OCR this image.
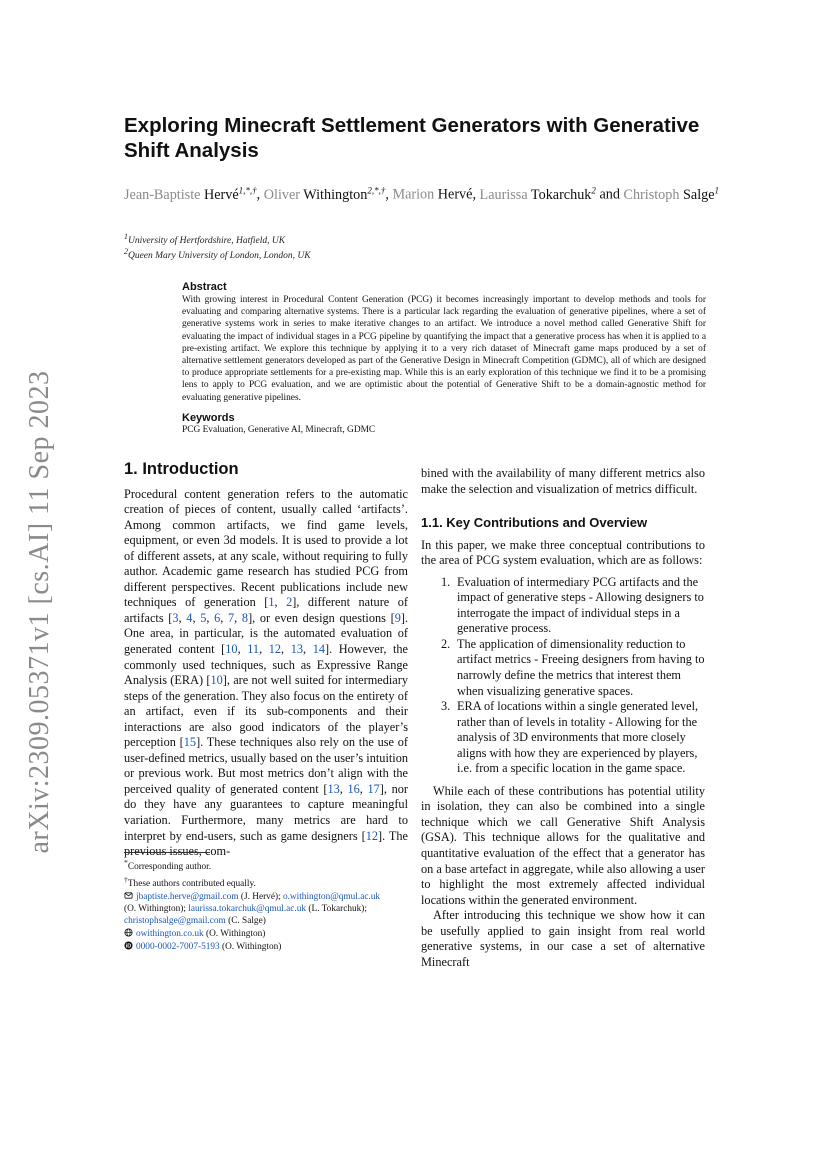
arXiv:2309.05371v1 [cs.AI] 11 Sep 2023
Exploring Minecraft Settlement Generators with Generative Shift Analysis
Jean-Baptiste Hervé$^{1,*,\dagger}$, Oliver Withington$^{2,*,\dagger}$, Marion Hervé, Laurissa Tokarchuk$^2$ and Christoph Salge$^1$
$^1$University of Hertfordshire, Hatfield, UK
$^2$Queen Mary University of London, London, UK
Abstract
With growing interest in Procedural Content Generation (PCG) it becomes increasingly important to develop methods and tools for evaluating and comparing alternative systems. There is a particular lack regarding the evaluation of generative pipelines, where a set of generative systems work in series to make iterative changes to an artifact. We introduce a novel method called Generative Shift for evaluating the impact of individual stages in a PCG pipeline by quantifying the impact that a generative process has when it is applied to a pre-existing artifact. We explore this technique by applying it to a very rich dataset of Minecraft game maps produced by a set of alternative settlement generators developed as part of the Generative Design in Minecraft Competition (GDMC), all of which are designed to produce appropriate settlements for a pre-existing map. While this is an early exploration of this technique we find it to be a promising lens to apply to PCG evaluation, and we are optimistic about the potential of Generative Shift to be a domain-agnostic method for evaluating generative pipelines.
Keywords
PCG Evaluation, Generative AI, Minecraft, GDMC
1. Introduction

Procedural content generation refers to the automatic creation of pieces of content, usually called ‘artifacts’. Among common artifacts, we find game levels, equipment, or even 3d models. It is used to provide a lot of different assets, at any scale, without requiring to fully author. Academic game research has studied PCG from different perspectives. Recent publications include new techniques of generation [1, 2], different nature of artifacts [3, 4, 5, 6, 7, 8], or even design questions [9]. One area, in particular, is the automated evaluation of generated content [10, 11, 12, 13, 14]. However, the commonly used techniques, such as Expressive Range Analysis (ERA) [10], are not well suited for intermediary steps of the generation. They also focus on the entirety of an artifact, even if its sub-components and their interactions are also good indicators of the player’s perception [15]. These techniques also rely on the use of user-defined metrics, usually based on the user’s intuition or previous work. But most metrics don’t align with the perceived quality of generated content [13, 16, 17], nor do they have any guarantees to capture meaningful variation. Furthermore, many metrics are hard to interpret by end-users, such as game designers [12]. The previous issues, com-

*Corresponding author.
†These authors contributed equally.
jbaptiste.herve@gmail.com (J. Hervé); o.withington@qmul.ac.uk
(O. Withington); laurissa.tokarchuk@qmul.ac.uk (L. Tokarchuk);
christophsalge@gmail.com (C. Salge)
owithington.co.uk (O. Withington)
iD 0000-0002-7007-5193 (O. Withington)

bined with the availability of many different metrics also make the selection and visualization of metrics difficult.

1.1. Key Contributions and Overview

In this paper, we make three conceptual contributions to the area of PCG system evaluation, which are as follows:

1. Evaluation of intermediary PCG artifacts and the impact of generative steps - Allowing designers to interrogate the impact of individual steps in a generative process.
2. The application of dimensionality reduction to artifact metrics - Freeing designers from having to narrowly define the metrics that interest them when visualizing generative spaces.
3. ERA of locations within a single generated level, rather than of levels in totality - Allowing for the analysis of 3D environments that more closely aligns with how they are experienced by players, i.e. from a specific location in the game space.

While each of these contributions has potential utility in isolation, they can also be combined into a single technique which we call Generative Shift Analysis (GSA). This technique allows for the qualitative and quantitative evaluation of the effect that a generator has on a base artefact in aggregate, while also allowing a user to highlight the most extremely affected individual locations within the generated environment.

After introducing this technique we show how it can be usefully applied to gain insight from real world generative systems, in our case a set of alternative Minecraft
